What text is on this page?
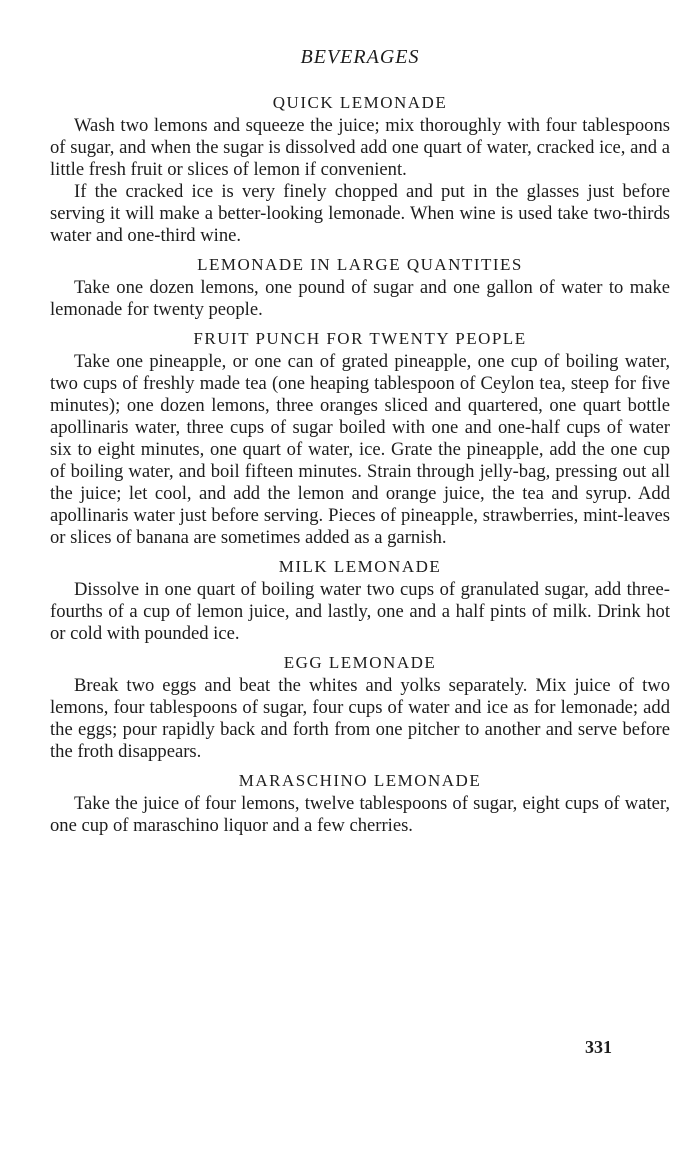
BEVERAGES
QUICK LEMONADE

Wash two lemons and squeeze the juice; mix thoroughly with four tablespoons of sugar, and when the sugar is dissolved add one quart of water, cracked ice, and a little fresh fruit or slices of lemon if convenient.

If the cracked ice is very finely chopped and put in the glasses just before serving it will make a better-looking lemonade. When wine is used take two-thirds water and one-third wine.

LEMONADE IN LARGE QUANTITIES

Take one dozen lemons, one pound of sugar and one gallon of water to make lemonade for twenty people.

FRUIT PUNCH FOR TWENTY PEOPLE

Take one pineapple, or one can of grated pineapple, one cup of boiling water, two cups of freshly made tea (one heaping tablespoon of Ceylon tea, steep for five minutes); one dozen lemons, three oranges sliced and quartered, one quart bottle apollinaris water, three cups of sugar boiled with one and one-half cups of water six to eight minutes, one quart of water, ice. Grate the pineapple, add the one cup of boiling water, and boil fifteen minutes. Strain through jelly-bag, pressing out all the juice; let cool, and add the lemon and orange juice, the tea and syrup. Add apollinaris water just before serving. Pieces of pineapple, strawberries, mint-leaves or slices of banana are sometimes added as a garnish.

MILK LEMONADE

Dissolve in one quart of boiling water two cups of granulated sugar, add three-fourths of a cup of lemon juice, and lastly, one and a half pints of milk. Drink hot or cold with pounded ice.

EGG LEMONADE

Break two eggs and beat the whites and yolks separately. Mix juice of two lemons, four tablespoons of sugar, four cups of water and ice as for lemonade; add the eggs; pour rapidly back and forth from one pitcher to another and serve before the froth disappears.

MARASCHINO LEMONADE

Take the juice of four lemons, twelve tablespoons of sugar, eight cups of water, one cup of maraschino liquor and a few cherries.

331
